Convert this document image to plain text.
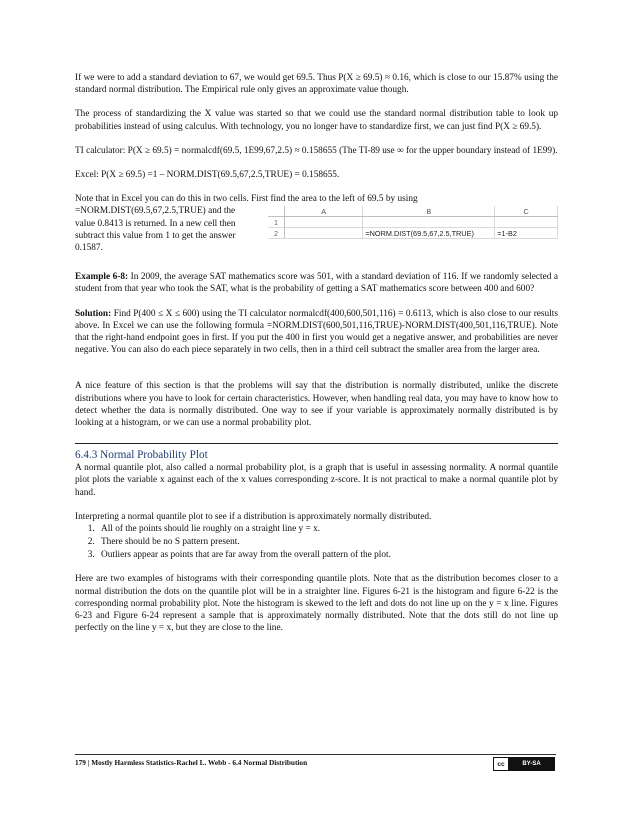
If we were to add a standard deviation to 67, we would get 69.5. Thus P(X ≥ 69.5) ≈ 0.16, which is close to our 15.87% using the standard normal distribution. The Empirical rule only gives an approximate value though.

The process of standardizing the X value was started so that we could use the standard normal distribution table to look up probabilities instead of using calculus. With technology, you no longer have to standardize first, we can just find P(X ≥ 69.5).

TI calculator: P(X ≥ 69.5) = normalcdf(69.5, 1E99,67,2.5) ≈ 0.158655 (The TI-89 use ∞ for the upper boundary instead of 1E99).

Excel: P(X ≥ 69.5) =1 – NORM.DIST(69.5,67,2.5,TRUE) = 0.158655.

Note that in Excel you can do this in two cells. First find the area to the left of 69.5 by using

=NORM.DIST(69.5,67,2.5,TRUE) and the value 0.8413 is returned. In a new cell then subtract this value from 1 to get the answer 0.1587.

	A	B	C
1			
2		=NORM.DIST(69.5,67,2.5,TRUE)	=1-B2

Example 6-8: In 2009, the average SAT mathematics score was 501, with a standard deviation of 116. If we randomly selected a student from that year who took the SAT, what is the probability of getting a SAT mathematics score between 400 and 600?

Solution: Find P(400 ≤ X ≤ 600) using the TI calculator normalcdf(400,600,501,116) = 0.6113, which is also close to our results above. In Excel we can use the following formula =NORM.DIST(600,501,116,TRUE)-NORM.DIST(400,501,116,TRUE). Note that the right-hand endpoint goes in first. If you put the 400 in first you would get a negative answer, and probabilities are never negative. You can also do each piece separately in two cells, then in a third cell subtract the smaller area from the larger area.

A nice feature of this section is that the problems will say that the distribution is normally distributed, unlike the discrete distributions where you have to look for certain characteristics. However, when handling real data, you may have to know how to detect whether the data is normally distributed. One way to see if your variable is approximately normally distributed is by looking at a histogram, or we can use a normal probability plot.

6.4.3 Normal Probability Plot

A normal quantile plot, also called a normal probability plot, is a graph that is useful in assessing normality. A normal quantile plot plots the variable x against each of the x values corresponding z-score. It is not practical to make a normal quantile plot by hand.

Interpreting a normal quantile plot to see if a distribution is approximately normally distributed.

1. All of the points should lie roughly on a straight line y = x.
2. There should be no S pattern present.
3. Outliers appear as points that are far away from the overall pattern of the plot.

Here are two examples of histograms with their corresponding quantile plots. Note that as the distribution becomes closer to a normal distribution the dots on the quantile plot will be in a straighter line. Figures 6-21 is the histogram and figure 6-22 is the corresponding normal probability plot. Note the histogram is skewed to the left and dots do not line up on the y = x line. Figures 6-23 and Figure 6-24 represent a sample that is approximately normally distributed. Note that the dots still do not line up perfectly on the line y = x, but they are close to the line.

179 | Mostly Harmless Statistics-Rachel L. Webb - 6.4 Normal Distribution	cc	BY-SA
